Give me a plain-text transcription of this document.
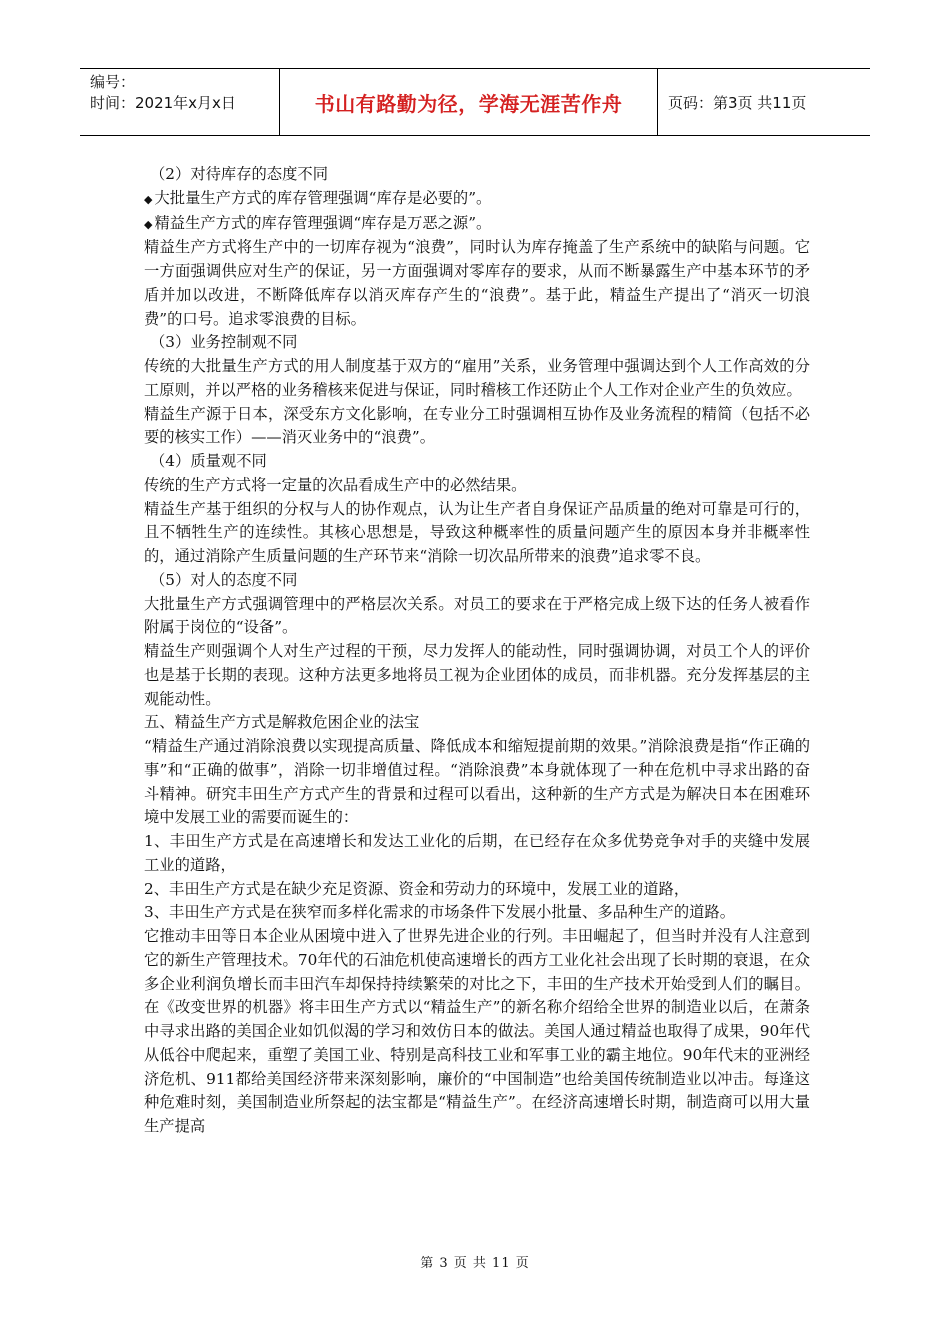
编号：
时间：2021年x月x日	书山有路勤为径，学海无涯苦作舟	页码：第3页 共11页

（2）对待库存的态度不同

◆ 大批量生产方式的库存管理强调“库存是必要的”。

◆ 精益生产方式的库存管理强调“库存是万恶之源”。

精益生产方式将生产中的一切库存视为“浪费”，同时认为库存掩盖了生产系统中的缺陷与问题。它一方面强调供应对生产的保证，另一方面强调对零库存的要求，从而不断暴露生产中基本环节的矛盾并加以改进，不断降低库存以消灭库存产生的“浪费”。基于此，精益生产提出了“消灭一切浪费”的口号。追求零浪费的目标。

（3）业务控制观不同

传统的大批量生产方式的用人制度基于双方的“雇用”关系，业务管理中强调达到个人工作高效的分工原则，并以严格的业务稽核来促进与保证，同时稽核工作还防止个人工作对企业产生的负效应。

精益生产源于日本，深受东方文化影响，在专业分工时强调相互协作及业务流程的精简（包括不必要的核实工作）——消灭业务中的“浪费”。

（4）质量观不同

传统的生产方式将一定量的次品看成生产中的必然结果。

精益生产基于组织的分权与人的协作观点，认为让生产者自身保证产品质量的绝对可靠是可行的，且不牺牲生产的连续性。其核心思想是，导致这种概率性的质量问题产生的原因本身并非概率性的，通过消除产生质量问题的生产环节来“消除一切次品所带来的浪费”追求零不良。

（5）对人的态度不同

大批量生产方式强调管理中的严格层次关系。对员工的要求在于严格完成上级下达的任务人被看作附属于岗位的“设备”。

精益生产则强调个人对生产过程的干预，尽力发挥人的能动性，同时强调协调，对员工个人的评价也是基于长期的表现。这种方法更多地将员工视为企业团体的成员，而非机器。充分发挥基层的主观能动性。

五、精益生产方式是解救危困企业的法宝

“精益生产通过消除浪费以实现提高质量、降低成本和缩短提前期的效果。”消除浪费是指“作正确的事”和“正确的做事”，消除一切非增值过程。“消除浪费”本身就体现了一种在危机中寻求出路的奋斗精神。研究丰田生产方式产生的背景和过程可以看出，这种新的生产方式是为解决日本在困难环境中发展工业的需要而诞生的：

1、丰田生产方式是在高速增长和发达工业化的后期，在已经存在众多优势竞争对手的夹缝中发展工业的道路，

2、丰田生产方式是在缺少充足资源、资金和劳动力的环境中，发展工业的道路，

3、丰田生产方式是在狭窄而多样化需求的市场条件下发展小批量、多品种生产的道路。

它推动丰田等日本企业从困境中进入了世界先进企业的行列。丰田崛起了，但当时并没有人注意到它的新生产管理技术。70年代的石油危机使高速增长的西方工业化社会出现了长时期的衰退，在众多企业利润负增长而丰田汽车却保持持续繁荣的对比之下，丰田的生产技术开始受到人们的瞩目。在《改变世界的机器》将丰田生产方式以“精益生产”的新名称介绍给全世界的制造业以后，在萧条中寻求出路的美国企业如饥似渴的学习和效仿日本的做法。美国人通过精益也取得了成果，90年代从低谷中爬起来，重塑了美国工业、特别是高科技工业和军事工业的霸主地位。90年代末的亚洲经济危机、911都给美国经济带来深刻影响，廉价的“中国制造”也给美国传统制造业以冲击。每逢这种危难时刻，美国制造业所祭起的法宝都是“精益生产”。在经济高速增长时期，制造商可以用大量生产提高

第 3 页 共 11 页
